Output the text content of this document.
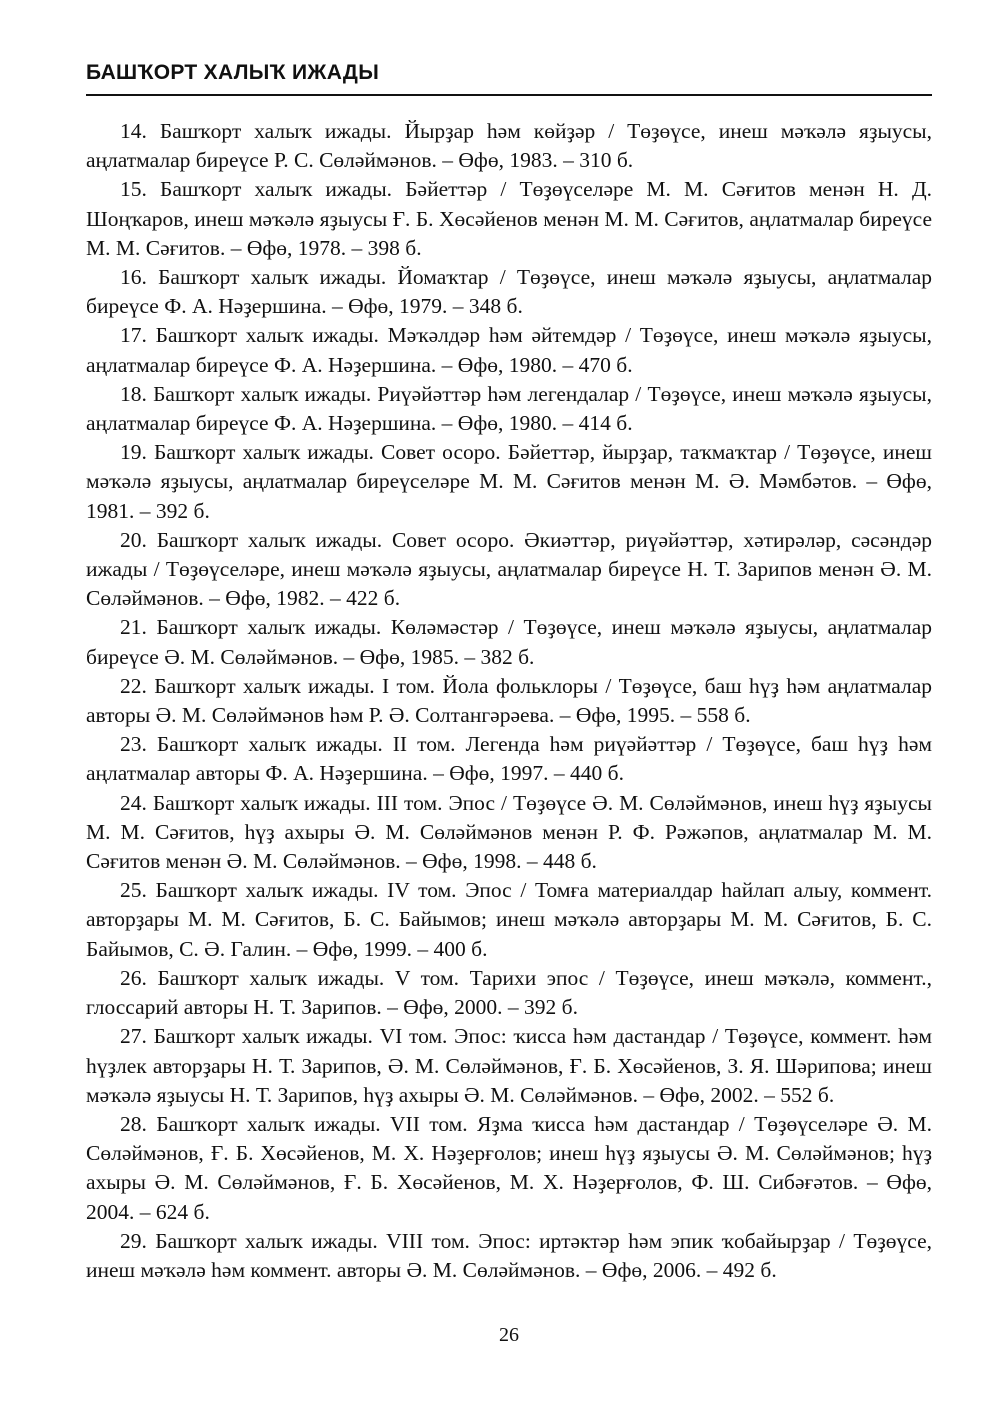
БАШҠОРТ ХАЛЫҠ ИЖАДЫ

14. Башҡорт халыҡ ижады. Йырҙар һәм көйҙәр / Төҙөүсе, инеш мәҡәлә яҙыусы, аңлатмалар биреүсе Р. С. Сөләймәнов. – Өфө, 1983. – 310 б.

15. Башҡорт халыҡ ижады. Бәйеттәр / Төҙөүселәре М. М. Сәғитов менән Н. Д. Шоңҡаров, инеш мәҡәлә яҙыусы Ғ. Б. Хөсәйенов менән М. М. Сәғитов, аңлатмалар биреүсе М. М. Сәғитов. – Өфө, 1978. – 398 б.

16. Башҡорт халыҡ ижады. Йомаҡтар / Төҙөүсе, инеш мәҡәлә яҙыусы, аңлатмалар биреүсе Ф. А. Нәҙершина. – Өфө, 1979. – 348 б.

17. Башҡорт халыҡ ижады. Мәҡәлдәр һәм әйтемдәр / Төҙөүсе, инеш мәҡәлә яҙыусы, аңлатмалар биреүсе Ф. А. Нәҙершина. – Өфө, 1980. – 470 б.

18. Башҡорт халыҡ ижады. Риүәйәттәр һәм легендалар / Төҙөүсе, инеш мәҡәлә яҙыусы, аңлатмалар биреүсе Ф. А. Нәҙершина. – Өфө, 1980. – 414 б.

19. Башҡорт халыҡ ижады. Совет осоро. Бәйеттәр, йырҙар, таҡмаҡтар / Төҙөүсе, инеш мәҡәлә яҙыусы, аңлатмалар биреүселәре М. М. Сәғитов менән М. Ә. Мәмбәтов. – Өфө, 1981. – 392 б.

20. Башҡорт халыҡ ижады. Совет осоро. Әкиәттәр, риүәйәттәр, хәтирәләр, сәсәндәр ижады / Төҙөүселәре, инеш мәҡәлә яҙыусы, аңлатмалар биреүсе Н. Т. Зарипов менән Ә. М. Сөләймәнов. – Өфө, 1982. – 422 б.

21. Башҡорт халыҡ ижады. Көләмәстәр / Төҙөүсе, инеш мәҡәлә яҙыусы, аңлатмалар биреүсе Ә. М. Сөләймәнов. – Өфө, 1985. – 382 б.

22. Башҡорт халыҡ ижады. I том. Йола фольклоры / Төҙөүсе, баш һүҙ һәм аңлатмалар авторы Ә. М. Сөләймәнов һәм Р. Ә. Солтангәрәева. – Өфө, 1995. – 558 б.

23. Башҡорт халыҡ ижады. II том. Легенда һәм риүәйәттәр / Төҙөүсе, баш һүҙ һәм аңлатмалар авторы Ф. А. Нәҙершина. – Өфө, 1997. – 440 б.

24. Башҡорт халыҡ ижады. III том. Эпос / Төҙөүсе Ә. М. Сөләймәнов, инеш һүҙ яҙыусы М. М. Сәғитов, һүҙ ахыры Ә. М. Сөләймәнов менән Р. Ф. Рәжәпов, аңлатмалар М. М. Сәғитов менән Ә. М. Сөләймәнов. – Өфө, 1998. – 448 б.

25. Башҡорт халыҡ ижады. IV том. Эпос / Томға материалдар һайлап алыу, коммент. авторҙары М. М. Сәғитов, Б. С. Байымов; инеш мәҡәлә авторҙары М. М. Сәғитов, Б. С. Байымов, С. Ә. Галин. – Өфө, 1999. – 400 б.

26. Башҡорт халыҡ ижады. V том. Тарихи эпос / Төҙөүсе, инеш мәҡәлә, коммент., глоссарий авторы Н. Т. Зарипов. – Өфө, 2000. – 392 б.

27. Башҡорт халыҡ ижады. VI том. Эпос: ҡисса һәм дастандар / Төҙөүсе, коммент. һәм һүҙлек авторҙары Н. Т. Зарипов, Ә. М. Сөләймәнов, Ғ. Б. Хөсәйенов, З. Я. Шәрипова; инеш мәҡәлә яҙыусы Н. Т. Зарипов, һүҙ ахыры Ә. М. Сөләймәнов. – Өфө, 2002. – 552 б.

28. Башҡорт халыҡ ижады. VII том. Яҙма ҡисса һәм дастандар / Төҙөүселәре Ә. М. Сөләймәнов, Ғ. Б. Хөсәйенов, М. Х. Нәҙерғолов; инеш һүҙ яҙыусы Ә. М. Сөләймәнов; һүҙ ахыры Ә. М. Сөләймәнов, Ғ. Б. Хөсәйенов, М. Х. Нәҙерғолов, Ф. Ш. Сибәғәтов. – Өфө, 2004. – 624 б.

29. Башҡорт халыҡ ижады. VIII том. Эпос: иртәктәр һәм эпик ҡобайырҙар / Төҙөүсе, инеш мәҡәлә һәм коммент. авторы Ә. М. Сөләймәнов. – Өфө, 2006. – 492 б.

26
